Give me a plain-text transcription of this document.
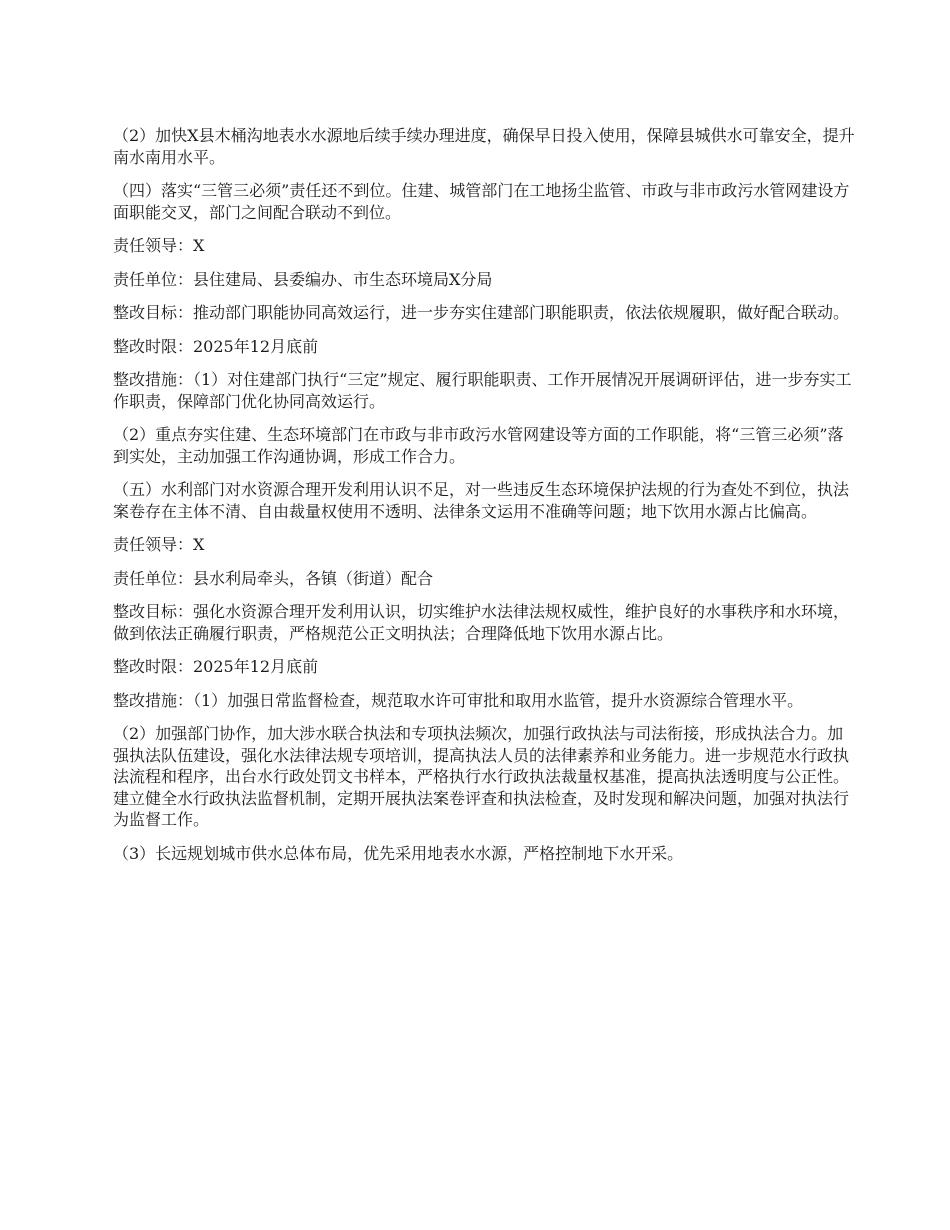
（2）加快X县木桶沟地表水水源地后续手续办理进度，确保早日投入使用，保障县城供水可靠安全，提升南水南用水平。

（四）落实“三管三必须”责任还不到位。住建、城管部门在工地扬尘监管、市政与非市政污水管网建设方面职能交叉，部门之间配合联动不到位。

责任领导：X

责任单位：县住建局、县委编办、市生态环境局X分局

整改目标：推动部门职能协同高效运行，进一步夯实住建部门职能职责，依法依规履职，做好配合联动。

整改时限：2025年12月底前

整改措施：（1）对住建部门执行“三定”规定、履行职能职责、工作开展情况开展调研评估，进一步夯实工作职责，保障部门优化协同高效运行。

（2）重点夯实住建、生态环境部门在市政与非市政污水管网建设等方面的工作职能，将“三管三必须”落到实处，主动加强工作沟通协调，形成工作合力。

（五）水利部门对水资源合理开发利用认识不足，对一些违反生态环境保护法规的行为查处不到位，执法案卷存在主体不清、自由裁量权使用不透明、法律条文运用不准确等问题；地下饮用水源占比偏高。

责任领导：X

责任单位：县水利局牵头，各镇（街道）配合

整改目标：强化水资源合理开发利用认识，切实维护水法律法规权威性，维护良好的水事秩序和水环境，做到依法正确履行职责，严格规范公正文明执法；合理降低地下饮用水源占比。

整改时限：2025年12月底前

整改措施：（1）加强日常监督检查，规范取水许可审批和取用水监管，提升水资源综合管理水平。

（2）加强部门协作，加大涉水联合执法和专项执法频次，加强行政执法与司法衔接，形成执法合力。加强执法队伍建设，强化水法律法规专项培训，提高执法人员的法律素养和业务能力。进一步规范水行政执法流程和程序，出台水行政处罚文书样本，严格执行水行政执法裁量权基准，提高执法透明度与公正性。建立健全水行政执法监督机制，定期开展执法案卷评查和执法检查，及时发现和解决问题，加强对执法行为监督工作。

（3）长远规划城市供水总体布局，优先采用地表水水源，严格控制地下水开采。
